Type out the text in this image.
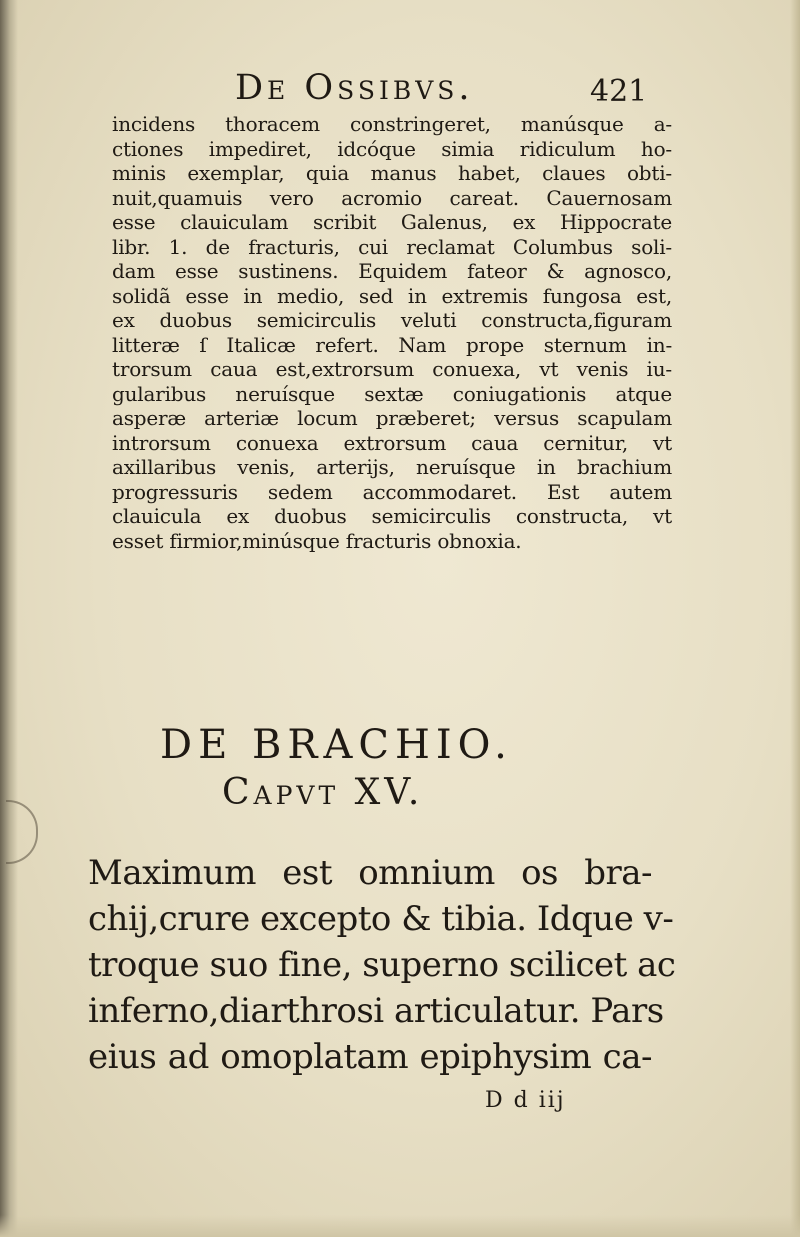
De Ossibvs.	421
incidens thoracem constringeret, manúsque a-
ctiones impediret, idcóque simia ridiculum ho-
minis exemplar, quia manus habet, claues obti-
nuit,quamuis vero acromio careat. Cauernosam
esse clauiculam scribit Galenus, ex Hippocrate
libr. 1. de fracturis, cui reclamat Columbus soli-
dam esse sustinens. Equidem fateor & agnosco,
solidã esse in medio, sed in extremis fungosa est,
ex duobus semicirculis veluti constructa,figuram
litteræ ſ Italicæ refert. Nam prope sternum in-
trorsum caua est,extrorsum conuexa, vt venis iu-
gularibus neruísque sextæ coniugationis atque
asperæ arteriæ locum præberet; versus scapulam
introrsum conuexa extrorsum caua cernitur, vt
axillaribus venis, arterijs, neruísque in brachium
progressuris sedem accommodaret. Est autem
clauicula ex duobus semicirculis constructa, vt
esset firmior,minúsque fracturis obnoxia.
DE BRACHIO.
Capvt XV.
Maximum est omnium os bra-
chij,crure excepto & tibia. Idque v-
troque suo fine, superno scilicet ac
inferno,diarthrosi articulatur. Pars
eius ad omoplatam epiphysim ca-
D d iij
